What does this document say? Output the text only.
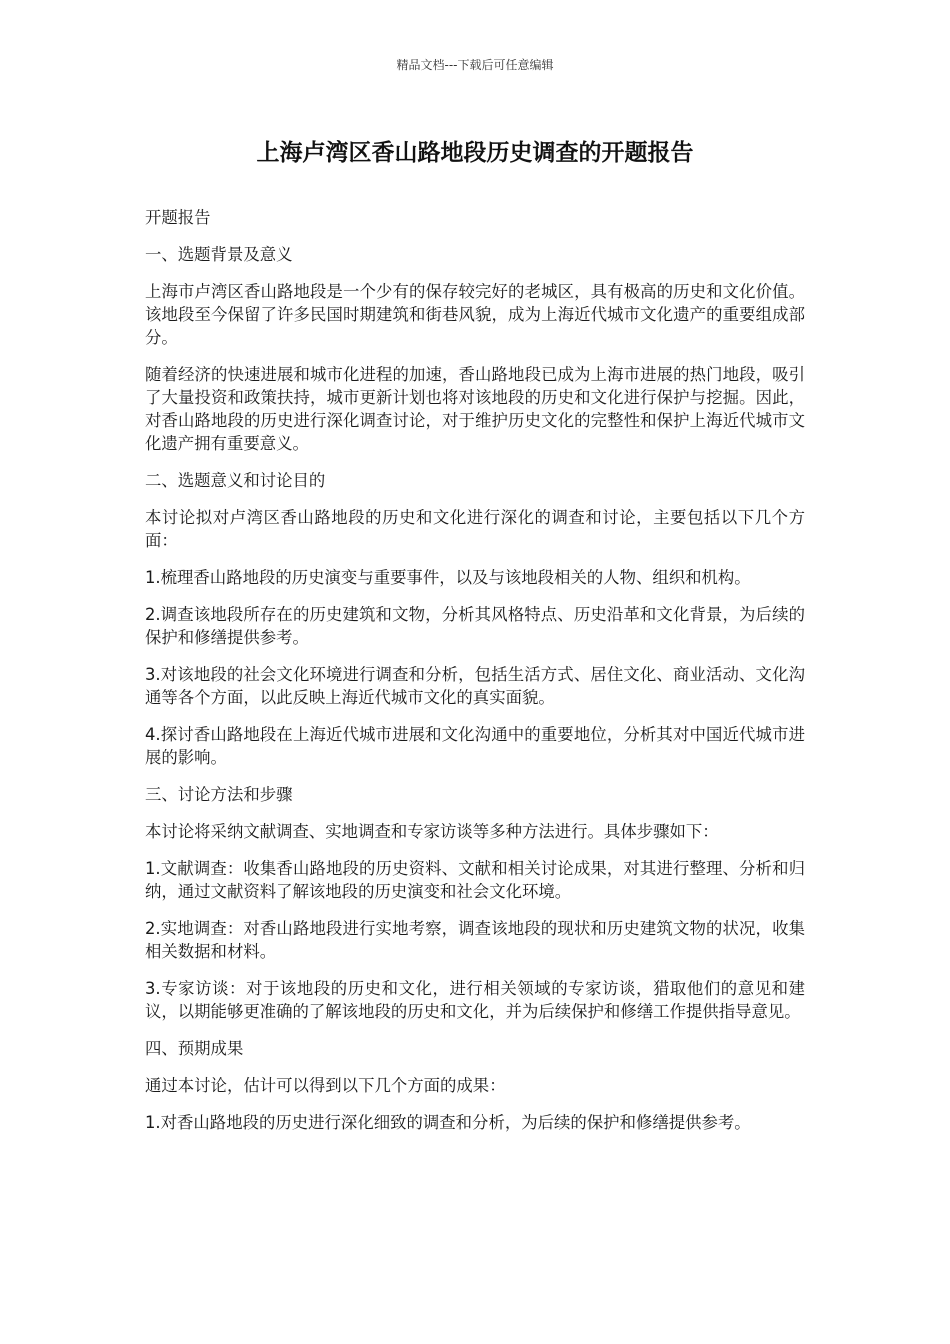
精品文档---下载后可任意编辑
上海卢湾区香山路地段历史调查的开题报告

开题报告

一、选题背景及意义

上海市卢湾区香山路地段是一个少有的保存较完好的老城区，具有极高的历史和文化价值。该地段至今保留了许多民国时期建筑和街巷风貌，成为上海近代城市文化遗产的重要组成部分。

随着经济的快速进展和城市化进程的加速，香山路地段已成为上海市进展的热门地段，吸引了大量投资和政策扶持，城市更新计划也将对该地段的历史和文化进行保护与挖掘。因此，对香山路地段的历史进行深化调查讨论，对于维护历史文化的完整性和保护上海近代城市文化遗产拥有重要意义。

二、选题意义和讨论目的

本讨论拟对卢湾区香山路地段的历史和文化进行深化的调查和讨论，主要包括以下几个方面：

1.梳理香山路地段的历史演变与重要事件，以及与该地段相关的人物、组织和机构。

2.调查该地段所存在的历史建筑和文物，分析其风格特点、历史沿革和文化背景，为后续的保护和修缮提供参考。

3.对该地段的社会文化环境进行调查和分析，包括生活方式、居住文化、商业活动、文化沟通等各个方面，以此反映上海近代城市文化的真实面貌。

4.探讨香山路地段在上海近代城市进展和文化沟通中的重要地位，分析其对中国近代城市进展的影响。

三、讨论方法和步骤

本讨论将采纳文献调查、实地调查和专家访谈等多种方法进行。具体步骤如下：

1.文献调查：收集香山路地段的历史资料、文献和相关讨论成果，对其进行整理、分析和归纳，通过文献资料了解该地段的历史演变和社会文化环境。

2.实地调查：对香山路地段进行实地考察，调查该地段的现状和历史建筑文物的状况，收集相关数据和材料。

3.专家访谈：对于该地段的历史和文化，进行相关领域的专家访谈，猎取他们的意见和建议，以期能够更准确的了解该地段的历史和文化，并为后续保护和修缮工作提供指导意见。

四、预期成果

通过本讨论，估计可以得到以下几个方面的成果：

1.对香山路地段的历史进行深化细致的调查和分析，为后续的保护和修缮提供参考。
